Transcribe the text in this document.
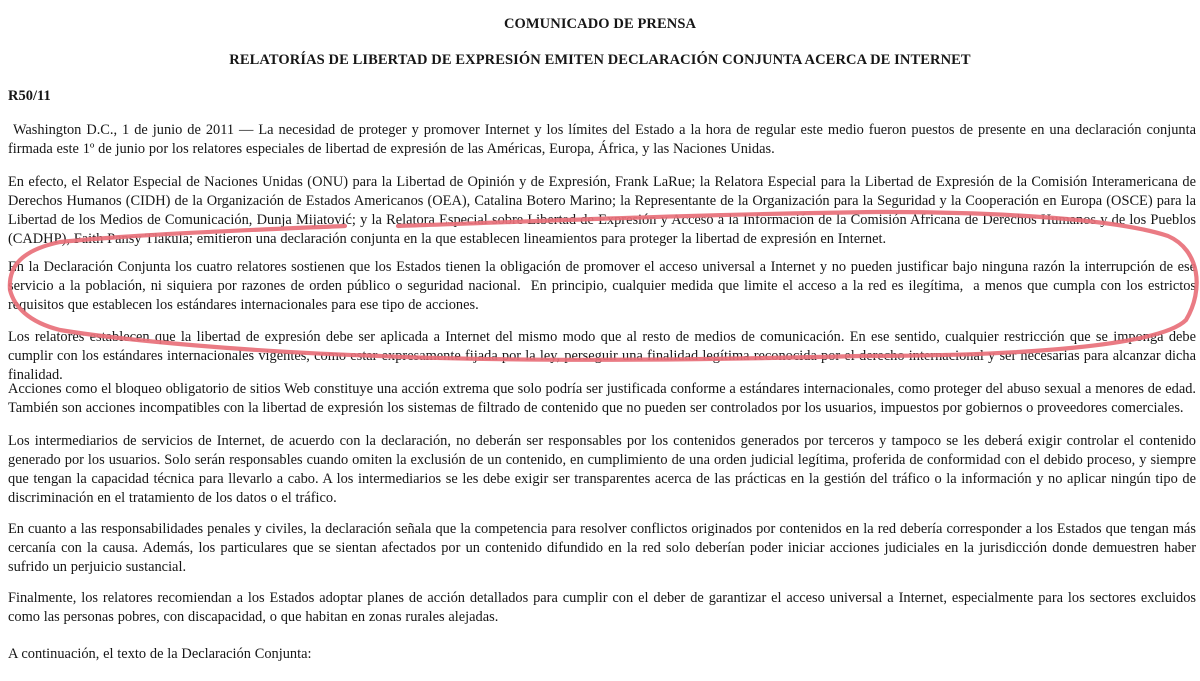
COMUNICADO DE PRENSA
RELATORÍAS DE LIBERTAD DE EXPRESIÓN EMITEN DECLARACIÓN CONJUNTA ACERCA DE INTERNET
R50/11
Washington D.C., 1 de junio de 2011 — La necesidad de proteger y promover Internet y los límites del Estado a la hora de regular este medio fueron puestos de presente en una declaración conjunta firmada este 1º de junio por los relatores especiales de libertad de expresión de las Américas, Europa, África, y las Naciones Unidas.
En efecto, el Relator Especial de Naciones Unidas (ONU) para la Libertad de Opinión y de Expresión, Frank LaRue; la Relatora Especial para la Libertad de Expresión de la Comisión Interamericana de Derechos Humanos (CIDH) de la Organización de Estados Americanos (OEA), Catalina Botero Marino; la Representante de la Organización para la Seguridad y la Cooperación en Europa (OSCE) para la Libertad de los Medios de Comunicación, Dunja Mijatović; y la Relatora Especial sobre Libertad de Expresión y Acceso a la Información de la Comisión Africana de Derechos Humanos y de los Pueblos (CADHP), Faith Pansy Tlakula; emitieron una declaración conjunta en la que establecen lineamientos para proteger la libertad de expresión en Internet.
En la Declaración Conjunta los cuatro relatores sostienen que los Estados tienen la obligación de promover el acceso universal a Internet y no pueden justificar bajo ninguna razón la interrupción de ese servicio a la población, ni siquiera por razones de orden público o seguridad nacional.  En principio, cualquier medida que limite el acceso a la red es ilegítima,  a menos que cumpla con los estrictos requisitos que establecen los estándares internacionales para ese tipo de acciones.
Los relatores establecen que la libertad de expresión debe ser aplicada a Internet del mismo modo que al resto de medios de comunicación. En ese sentido, cualquier restricción que se imponga debe cumplir con los estándares internacionales vigentes, como estar expresamente fijada por la ley, perseguir una finalidad legítima reconocida por el derecho internacional y ser necesarias para alcanzar dicha finalidad.
Acciones como el bloqueo obligatorio de sitios Web constituye una acción extrema que solo podría ser justificada conforme a estándares internacionales, como proteger del abuso sexual a menores de edad. También son acciones incompatibles con la libertad de expresión los sistemas de filtrado de contenido que no pueden ser controlados por los usuarios, impuestos por gobiernos o proveedores comerciales.
Los intermediarios de servicios de Internet, de acuerdo con la declaración, no deberán ser responsables por los contenidos generados por terceros y tampoco se les deberá exigir controlar el contenido generado por los usuarios. Solo serán responsables cuando omiten la exclusión de un contenido, en cumplimiento de una orden judicial legítima, proferida de conformidad con el debido proceso, y siempre que tengan la capacidad técnica para llevarlo a cabo. A los intermediarios se les debe exigir ser transparentes acerca de las prácticas en la gestión del tráfico o la información y no aplicar ningún tipo de discriminación en el tratamiento de los datos o el tráfico.
En cuanto a las responsabilidades penales y civiles, la declaración señala que la competencia para resolver conflictos originados por contenidos en la red debería corresponder a los Estados que tengan más cercanía con la causa. Además, los particulares que se sientan afectados por un contenido difundido en la red solo deberían poder iniciar acciones judiciales en la jurisdicción donde demuestren haber sufrido un perjuicio sustancial.
Finalmente, los relatores recomiendan a los Estados adoptar planes de acción detallados para cumplir con el deber de garantizar el acceso universal a Internet, especialmente para los sectores excluidos como las personas pobres, con discapacidad, o que habitan en zonas rurales alejadas.
A continuación, el texto de la Declaración Conjunta:
